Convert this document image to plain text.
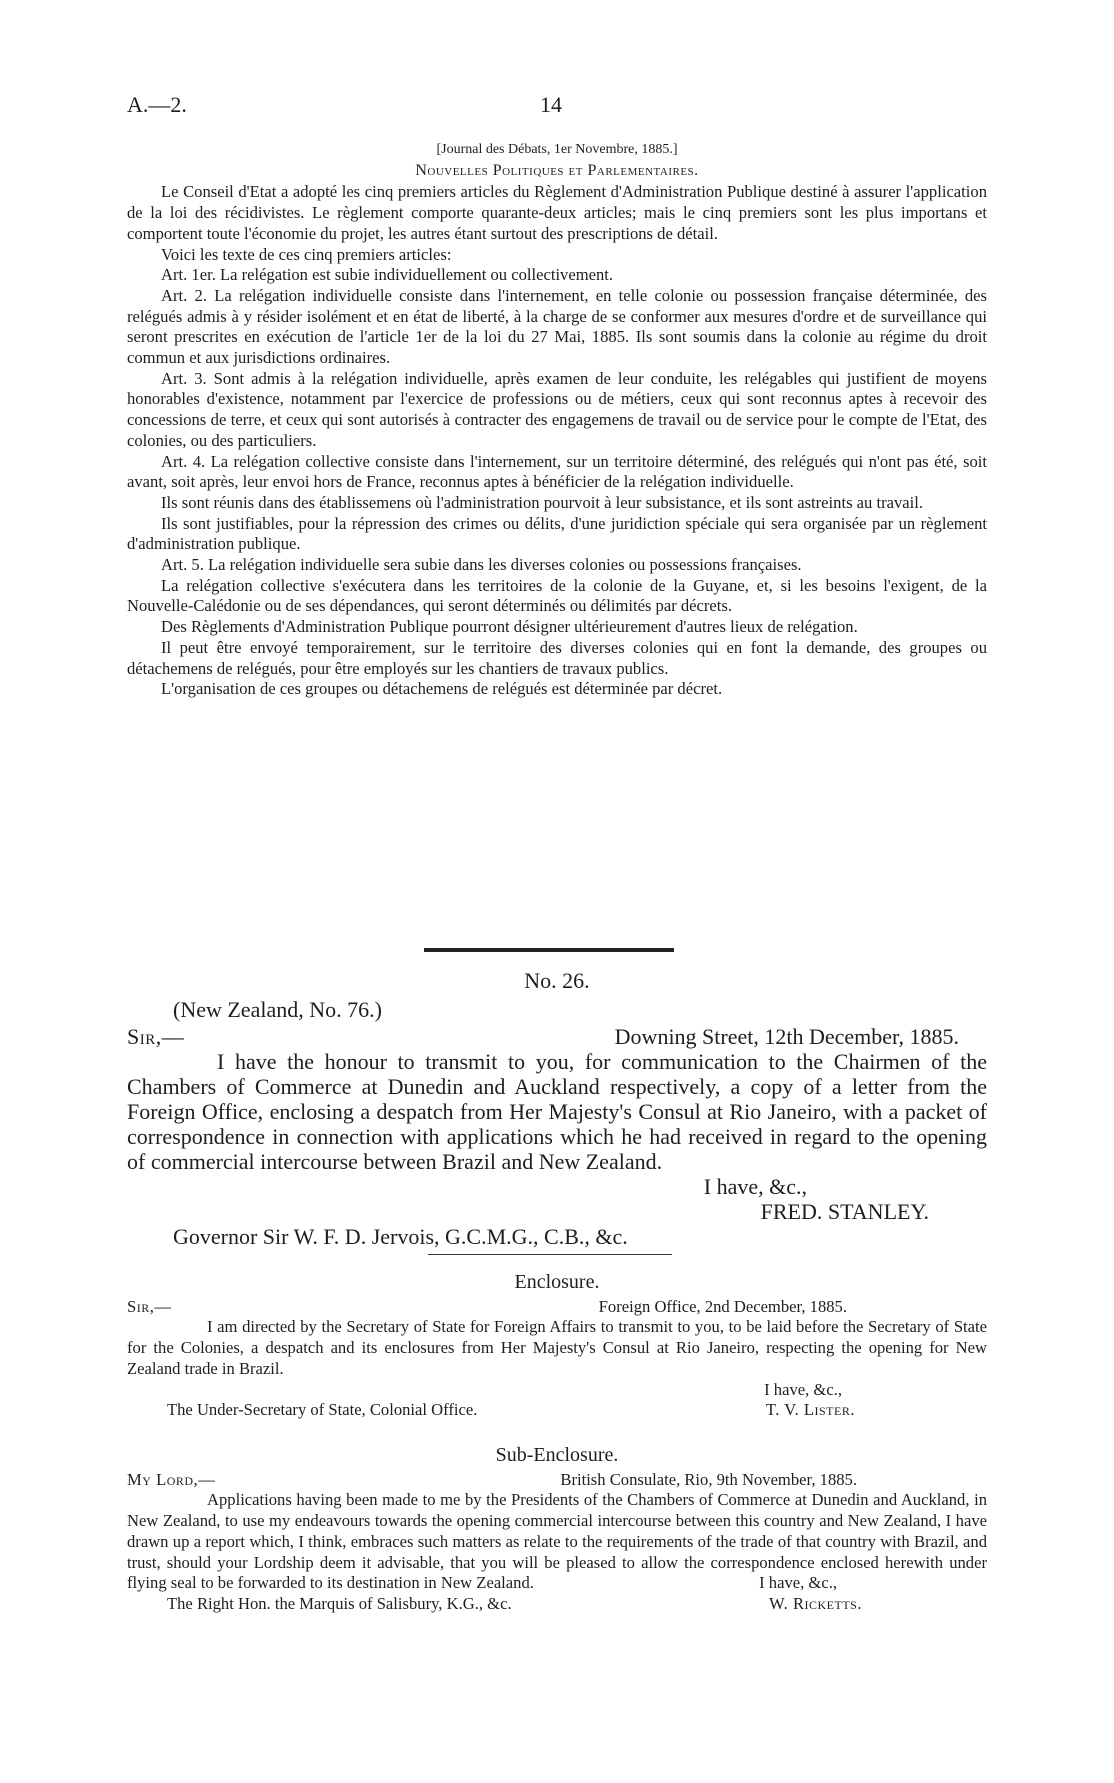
A.—2.	14
[Journal des Débats, 1er Novembre, 1885.]
Nouvelles Politiques et Parlementaires.

Le Conseil d'Etat a adopté les cinq premiers articles du Règlement d'Administration Publique destiné à assurer l'application de la loi des récidivistes. Le règlement comporte quarante-deux articles; mais le cinq premiers sont les plus importans et comportent toute l'économie du projet, les autres étant surtout des prescriptions de détail.

Voici les texte de ces cinq premiers articles:

Art. 1er. La relégation est subie individuellement ou collectivement.

Art. 2. La relégation individuelle consiste dans l'internement, en telle colonie ou possession française déterminée, des relégués admis à y résider isolément et en état de liberté, à la charge de se conformer aux mesures d'ordre et de surveillance qui seront prescrites en exécution de l'article 1er de la loi du 27 Mai, 1885. Ils sont soumis dans la colonie au régime du droit commun et aux jurisdictions ordinaires.

Art. 3. Sont admis à la relégation individuelle, après examen de leur conduite, les relégables qui justifient de moyens honorables d'existence, notamment par l'exercice de professions ou de métiers, ceux qui sont reconnus aptes à recevoir des concessions de terre, et ceux qui sont autorisés à contracter des engagemens de travail ou de service pour le compte de l'Etat, des colonies, ou des particuliers.

Art. 4. La relégation collective consiste dans l'internement, sur un territoire déterminé, des relégués qui n'ont pas été, soit avant, soit après, leur envoi hors de France, reconnus aptes à bénéficier de la relégation individuelle.

Ils sont réunis dans des établissemens où l'administration pourvoit à leur subsistance, et ils sont astreints au travail.

Ils sont justifiables, pour la répression des crimes ou délits, d'une juridiction spéciale qui sera organisée par un règlement d'administration publique.

Art. 5. La relégation individuelle sera subie dans les diverses colonies ou possessions françaises.

La relégation collective s'exécutera dans les territoires de la colonie de la Guyane, et, si les besoins l'exigent, de la Nouvelle-Calédonie ou de ses dépendances, qui seront déterminés ou délimités par décrets.

Des Règlements d'Administration Publique pourront désigner ultérieurement d'autres lieux de relégation.

Il peut être envoyé temporairement, sur le territoire des diverses colonies qui en font la demande, des groupes ou détachemens de relégués, pour être employés sur les chantiers de travaux publics.

L'organisation de ces groupes ou détachemens de relégués est déterminée par décret.

No. 26.
(New Zealand, No. 76.)
Sir,—	Downing Street, 12th December, 1885.

I have the honour to transmit to you, for communication to the Chairmen of the Chambers of Commerce at Dunedin and Auckland respectively, a copy of a letter from the Foreign Office, enclosing a despatch from Her Majesty's Consul at Rio Janeiro, with a packet of correspondence in connection with applications which he had received in regard to the opening of commercial intercourse between Brazil and New Zealand.

I have, &c.,
FRED. STANLEY.
Governor Sir W. F. D. Jervois, G.C.M.G., C.B., &c.
Enclosure.
Sir,—	Foreign Office, 2nd December, 1885.

I am directed by the Secretary of State for Foreign Affairs to transmit to you, to be laid before the Secretary of State for the Colonies, a despatch and its enclosures from Her Majesty's Consul at Rio Janeiro, respecting the opening for New Zealand trade in Brazil.

I have, &c.,
The Under-Secretary of State, Colonial Office.	T. V. Lister.
Sub-Enclosure.
My Lord,—	British Consulate, Rio, 9th November, 1885.

Applications having been made to me by the Presidents of the Chambers of Commerce at Dunedin and Auckland, in New Zealand, to use my endeavours towards the opening commercial intercourse between this country and New Zealand, I have drawn up a report which, I think, embraces such matters as relate to the requirements of the trade of that country with Brazil, and trust, should your Lordship deem it advisable, that you will be pleased to allow the correspondence enclosed herewith under flying seal to be forwarded to its destination in New Zealand.	I have, &c.,
The Right Hon. the Marquis of Salisbury, K.G., &c.	W. Ricketts.
